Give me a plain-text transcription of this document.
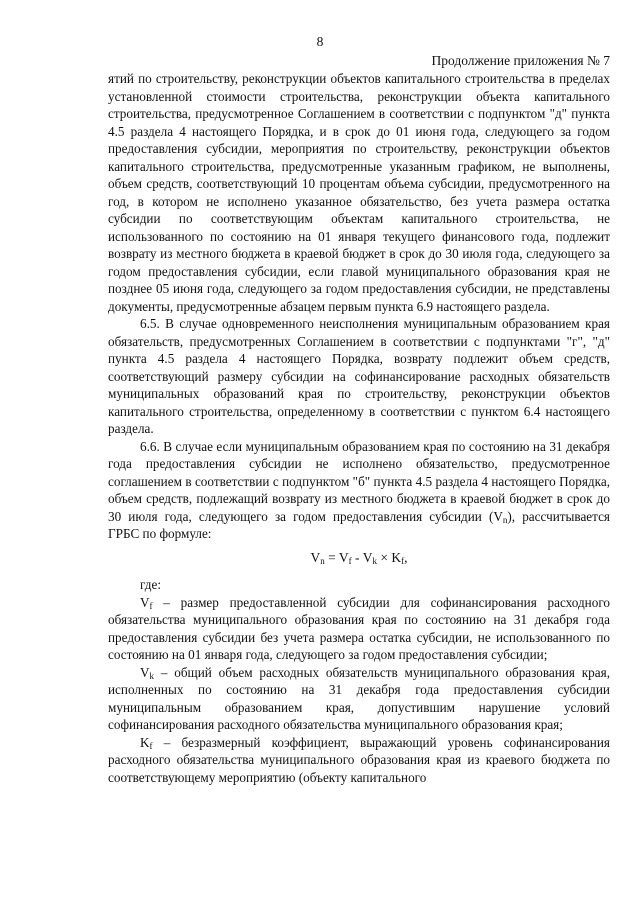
8
Продолжение приложения № 7

ятий по строительству, реконструкции объектов капитального строительства в пределах установленной стоимости строительства, реконструкции объекта капитального строительства, предусмотренное Соглашением в соответствии с подпунктом "д" пункта 4.5 раздела 4 настоящего Порядка, и в срок до 01 июня года, следующего за годом предоставления субсидии, мероприятия по строительству, реконструкции объектов капитального строительства, предусмотренные указанным графиком, не выполнены, объем средств, соответствующий 10 процентам объема субсидии, предусмотренного на год, в котором не исполнено указанное обязательство, без учета размера остатка субсидии по соответствующим объектам капитального строительства, не использованного по состоянию на 01 января текущего финансового года, подлежит возврату из местного бюджета в краевой бюджет в срок до 30 июля года, следующего за годом предоставления субсидии, если главой муниципального образования края не позднее 05 июня года, следующего за годом предоставления субсидии, не представлены документы, предусмотренные абзацем первым пункта 6.9 настоящего раздела.

6.5. В случае одновременного неисполнения муниципальным образованием края обязательств, предусмотренных Соглашением в соответствии с подпунктами "г", "д" пункта 4.5 раздела 4 настоящего Порядка, возврату подлежит объем средств, соответствующий размеру субсидии на софинансирование расходных обязательств муниципальных образований края по строительству, реконструкции объектов капитального строительства, определенному в соответствии с пунктом 6.4 настоящего раздела.

6.6. В случае если муниципальным образованием края по состоянию на 31 декабря года предоставления субсидии не исполнено обязательство, предусмотренное соглашением в соответствии с подпунктом "б" пункта 4.5 раздела 4 настоящего Порядка, объем средств, подлежащий возврату из местного бюджета в краевой бюджет в срок до 30 июля года, следующего за годом предоставления субсидии $(V_n)$, рассчитывается ГРБС по формуле:

$V_n = V_f - V_k \times K_f$,

где:

$V_f$ – размер предоставленной субсидии для софинансирования расходного обязательства муниципального образования края по состоянию на 31 декабря года предоставления субсидии без учета размера остатка субсидии, не использованного по состоянию на 01 января года, следующего за годом предоставления субсидии;

$V_k$ – общий объем расходных обязательств муниципального образования края, исполненных по состоянию на 31 декабря года предоставления субсидии муниципальным образованием края, допустившим нарушение условий софинансирования расходного обязательства муниципального образования края;

$K_f$ – безразмерный коэффициент, выражающий уровень софинансирования расходного обязательства муниципального образования края из краевого бюджета по соответствующему мероприятию (объекту капитального
